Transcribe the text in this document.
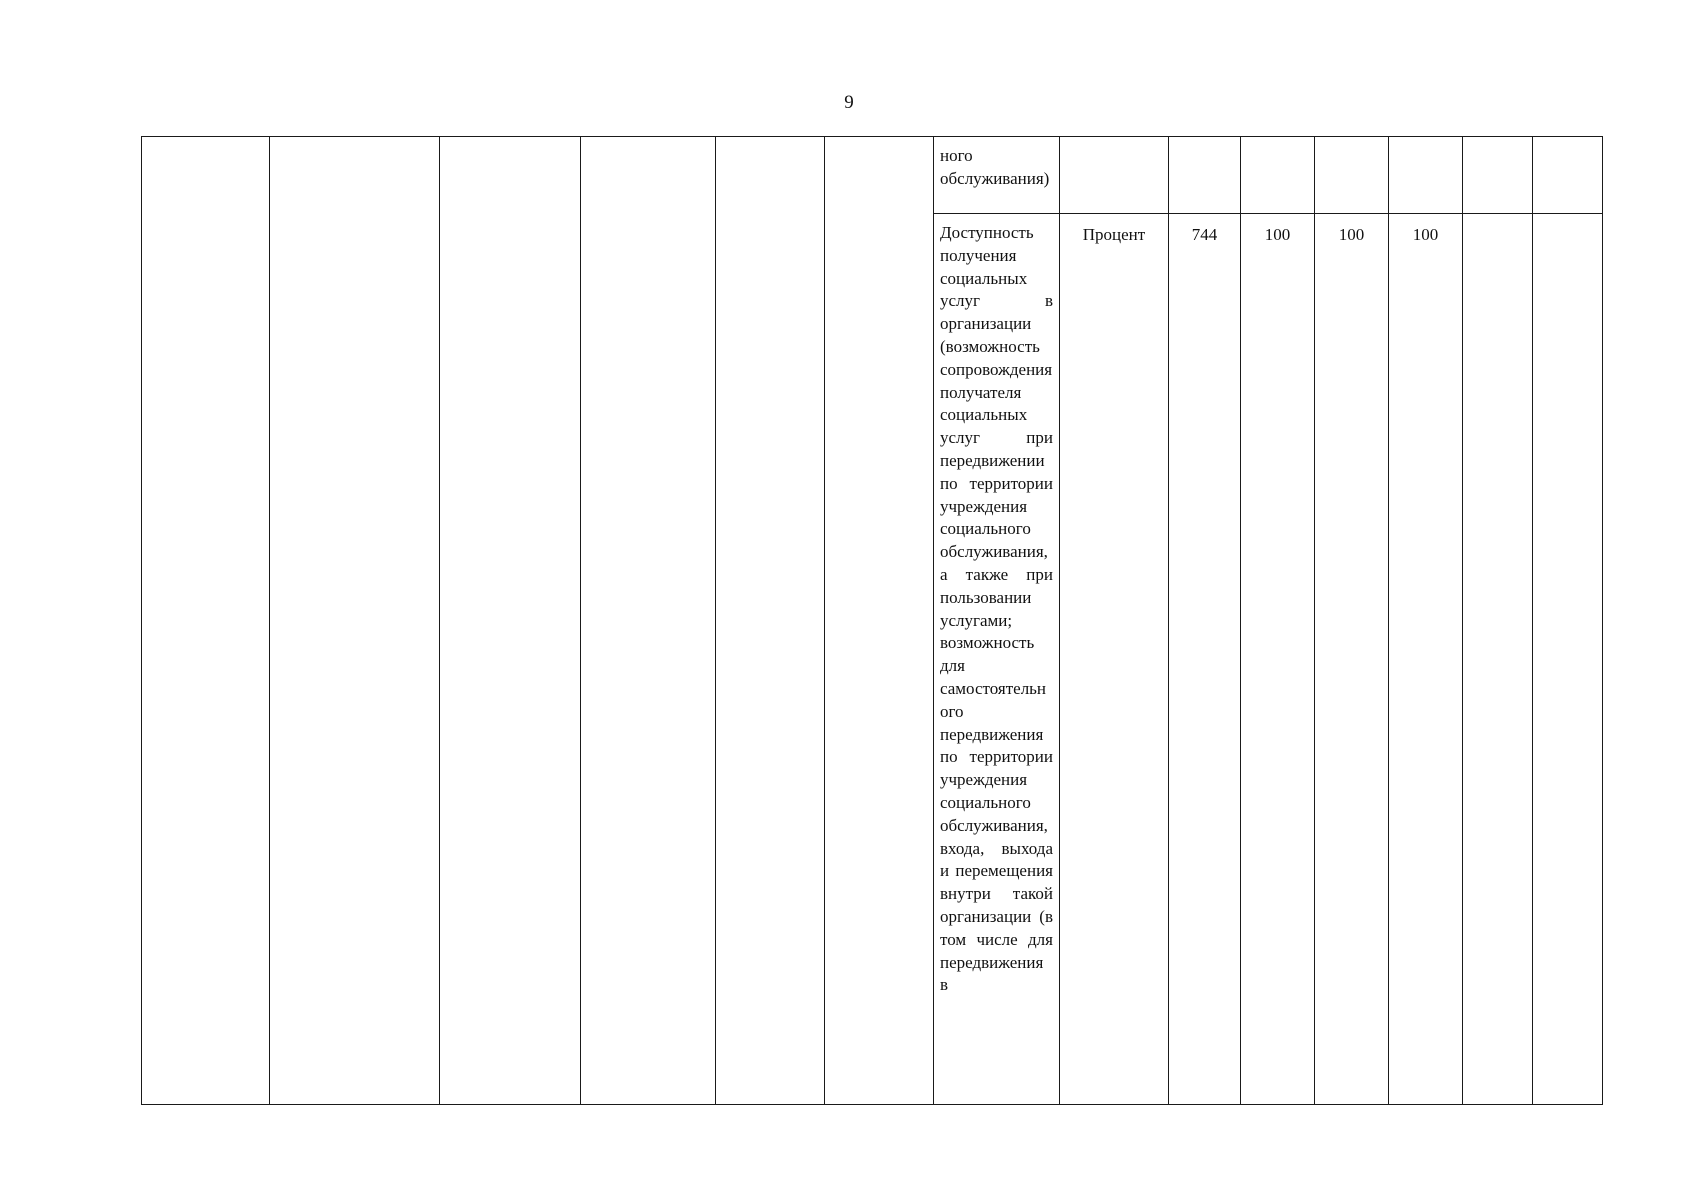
9

						ного обслуживания)							

						Доступность получения социальных услуг в организации (возможность сопровождения получателя социальных услуг при передвижении по территории учреждения социального обслуживания, а также при пользовании услугами; возможность для самостоятельного передвижения по территории учреждения социального обслуживания, входа, выхода и перемещения внутри такой организации (в том числе для передвижения в	Процент	744	100	100	100		
